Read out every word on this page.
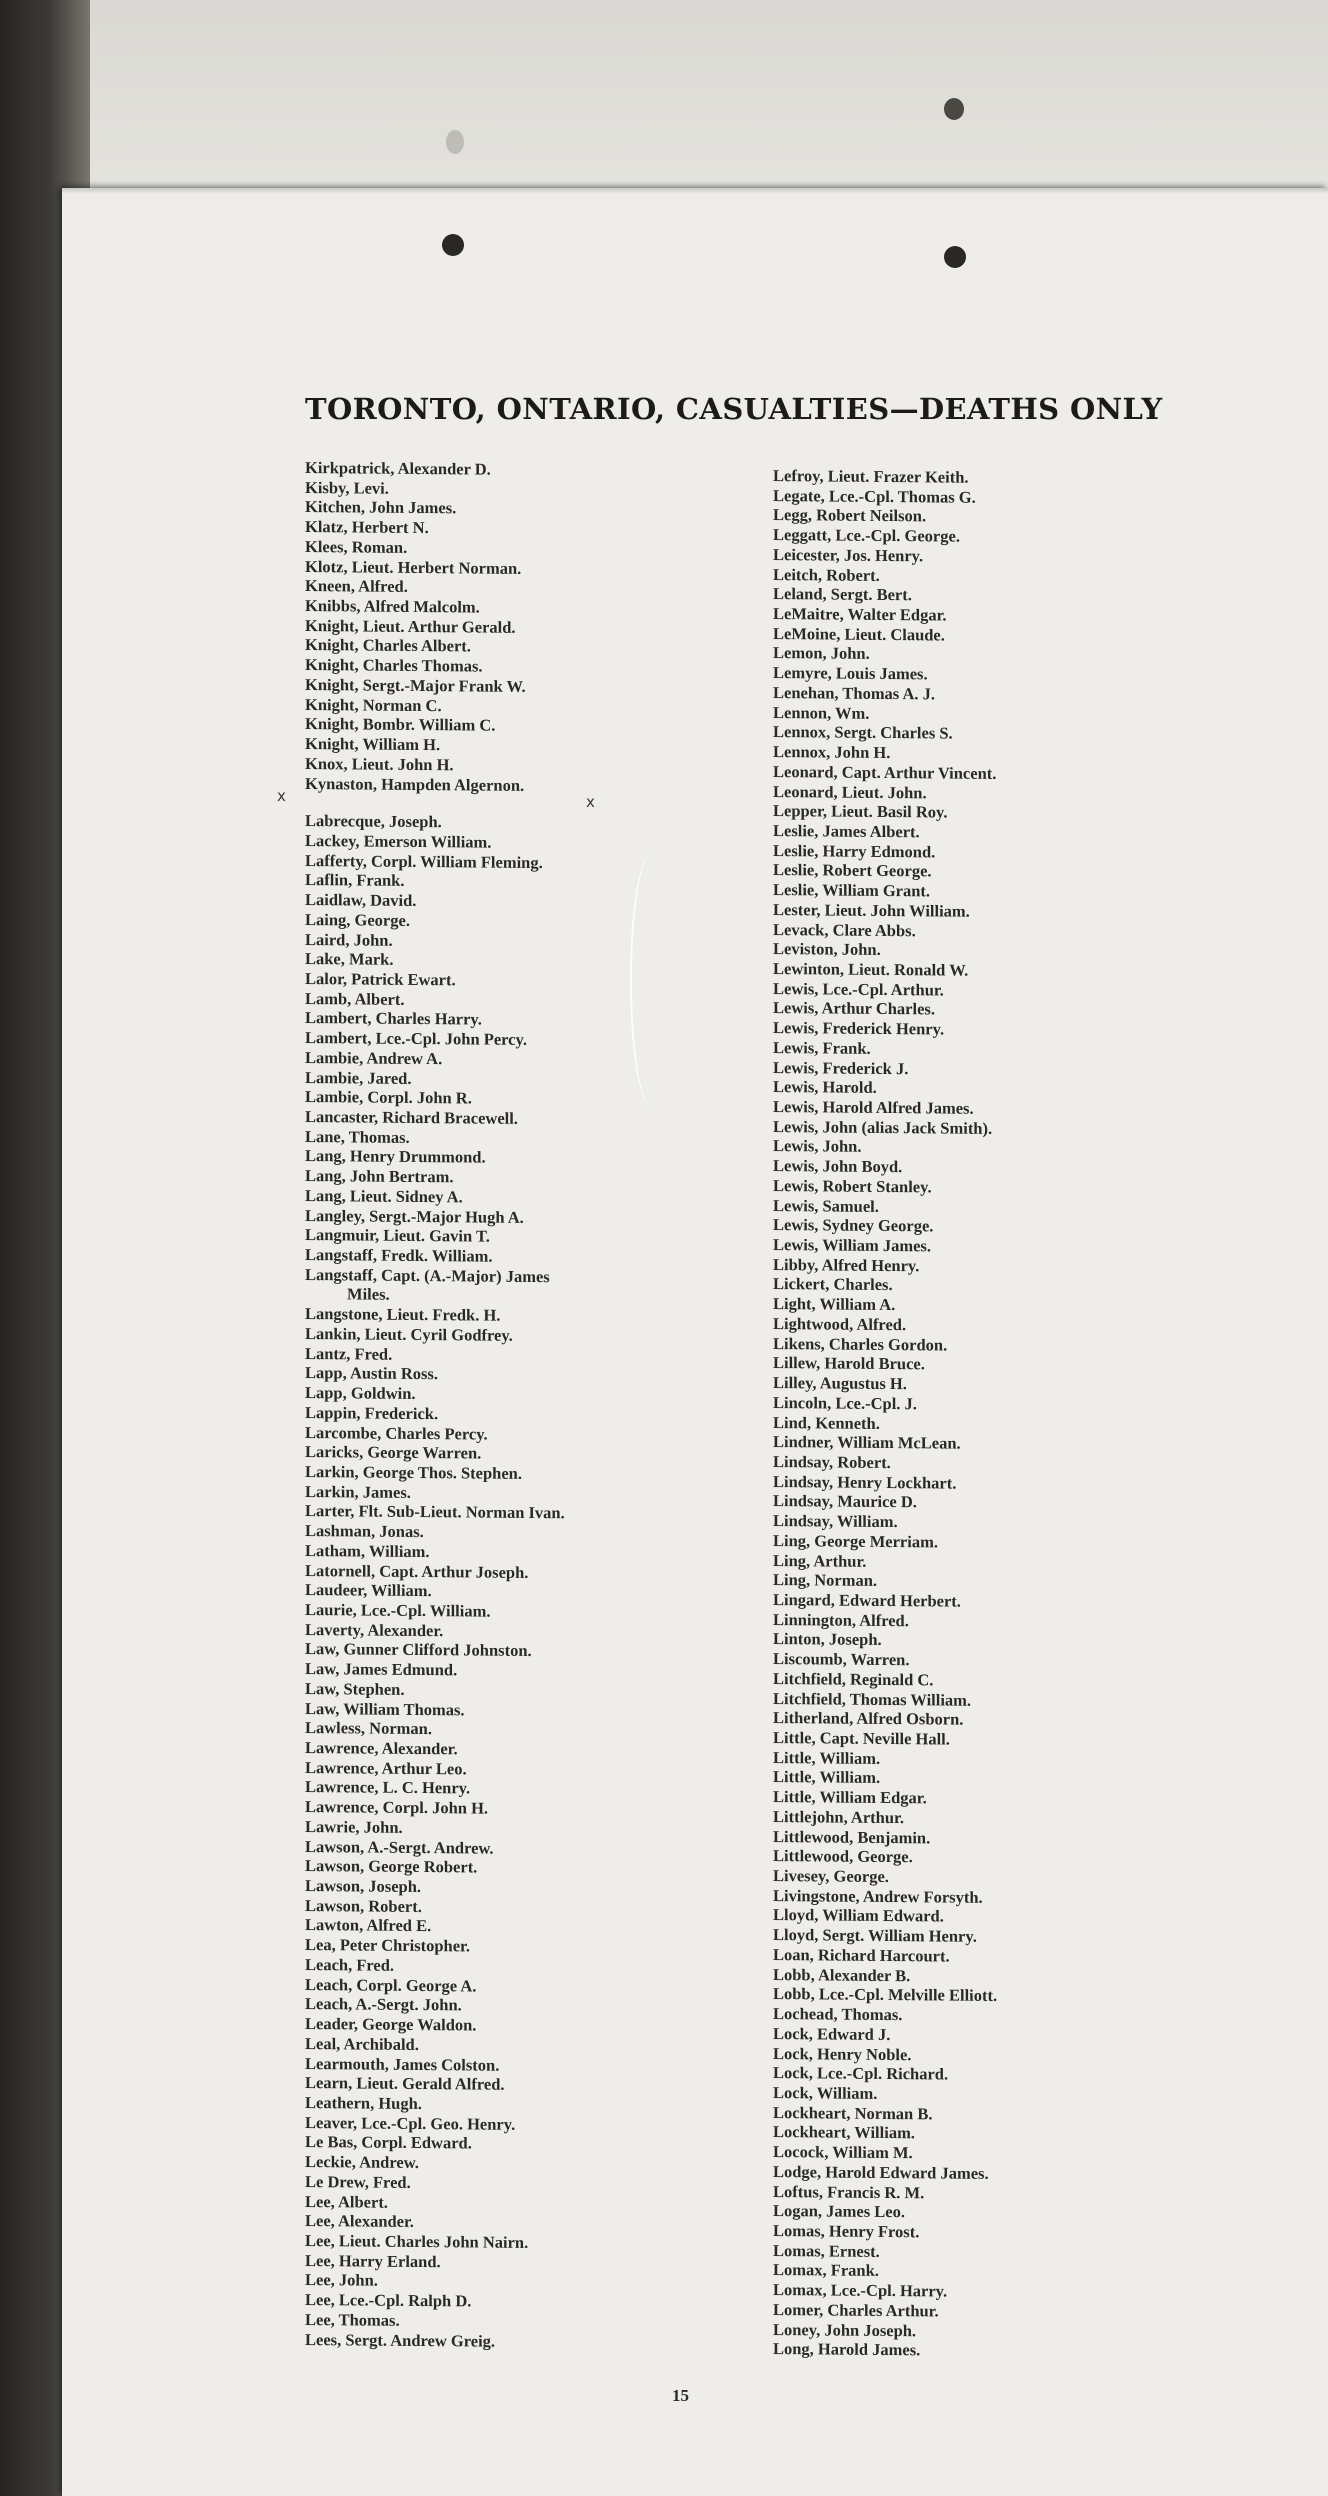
TORONTO, ONTARIO, CASUALTIES—DEATHS ONLY
Kirkpatrick, Alexander D.
Kisby, Levi.
Kitchen, John James.
Klatz, Herbert N.
Klees, Roman.
Klotz, Lieut. Herbert Norman.
Kneen, Alfred.
Knibbs, Alfred Malcolm.
Knight, Lieut. Arthur Gerald.
Knight, Charles Albert.
Knight, Charles Thomas.
Knight, Sergt.-Major Frank W.
Knight, Norman C.
Knight, Bombr. William C.
Knight, William H.
Knox, Lieut. John H.
Kynaston, Hampden Algernon.
Labrecque, Joseph.
Lackey, Emerson William.
Lafferty, Corpl. William Fleming.
Laflin, Frank.
Laidlaw, David.
Laing, George.
Laird, John.
Lake, Mark.
Lalor, Patrick Ewart.
Lamb, Albert.
Lambert, Charles Harry.
Lambert, Lce.-Cpl. John Percy.
Lambie, Andrew A.
Lambie, Jared.
Lambie, Corpl. John R.
Lancaster, Richard Bracewell.
Lane, Thomas.
Lang, Henry Drummond.
Lang, John Bertram.
Lang, Lieut. Sidney A.
Langley, Sergt.-Major Hugh A.
Langmuir, Lieut. Gavin T.
Langstaff, Fredk. William.
Langstaff, Capt. (A.-Major) James
Miles.
Langstone, Lieut. Fredk. H.
Lankin, Lieut. Cyril Godfrey.
Lantz, Fred.
Lapp, Austin Ross.
Lapp, Goldwin.
Lappin, Frederick.
Larcombe, Charles Percy.
Laricks, George Warren.
Larkin, George Thos. Stephen.
Larkin, James.
Larter, Flt. Sub-Lieut. Norman Ivan.
Lashman, Jonas.
Latham, William.
Latornell, Capt. Arthur Joseph.
Laudeer, William.
Laurie, Lce.-Cpl. William.
Laverty, Alexander.
Law, Gunner Clifford Johnston.
Law, James Edmund.
Law, Stephen.
Law, William Thomas.
Lawless, Norman.
Lawrence, Alexander.
Lawrence, Arthur Leo.
Lawrence, L. C. Henry.
Lawrence, Corpl. John H.
Lawrie, John.
Lawson, A.-Sergt. Andrew.
Lawson, George Robert.
Lawson, Joseph.
Lawson, Robert.
Lawton, Alfred E.
Lea, Peter Christopher.
Leach, Fred.
Leach, Corpl. George A.
Leach, A.-Sergt. John.
Leader, George Waldon.
Leal, Archibald.
Learmouth, James Colston.
Learn, Lieut. Gerald Alfred.
Leathern, Hugh.
Leaver, Lce.-Cpl. Geo. Henry.
Le Bas, Corpl. Edward.
Leckie, Andrew.
Le Drew, Fred.
Lee, Albert.
Lee, Alexander.
Lee, Lieut. Charles John Nairn.
Lee, Harry Erland.
Lee, John.
Lee, Lce.-Cpl. Ralph D.
Lee, Thomas.
Lees, Sergt. Andrew Greig.
Lefroy, Lieut. Frazer Keith.
Legate, Lce.-Cpl. Thomas G.
Legg, Robert Neilson.
Leggatt, Lce.-Cpl. George.
Leicester, Jos. Henry.
Leitch, Robert.
Leland, Sergt. Bert.
LeMaitre, Walter Edgar.
LeMoine, Lieut. Claude.
Lemon, John.
Lemyre, Louis James.
Lenehan, Thomas A. J.
Lennon, Wm.
Lennox, Sergt. Charles S.
Lennox, John H.
Leonard, Capt. Arthur Vincent.
Leonard, Lieut. John.
Lepper, Lieut. Basil Roy.
Leslie, James Albert.
Leslie, Harry Edmond.
Leslie, Robert George.
Leslie, William Grant.
Lester, Lieut. John William.
Levack, Clare Abbs.
Leviston, John.
Lewinton, Lieut. Ronald W.
Lewis, Lce.-Cpl. Arthur.
Lewis, Arthur Charles.
Lewis, Frederick Henry.
Lewis, Frank.
Lewis, Frederick J.
Lewis, Harold.
Lewis, Harold Alfred James.
Lewis, John (alias Jack Smith).
Lewis, John.
Lewis, John Boyd.
Lewis, Robert Stanley.
Lewis, Samuel.
Lewis, Sydney George.
Lewis, William James.
Libby, Alfred Henry.
Lickert, Charles.
Light, William A.
Lightwood, Alfred.
Likens, Charles Gordon.
Lillew, Harold Bruce.
Lilley, Augustus H.
Lincoln, Lce.-Cpl. J.
Lind, Kenneth.
Lindner, William McLean.
Lindsay, Robert.
Lindsay, Henry Lockhart.
Lindsay, Maurice D.
Lindsay, William.
Ling, George Merriam.
Ling, Arthur.
Ling, Norman.
Lingard, Edward Herbert.
Linnington, Alfred.
Linton, Joseph.
Liscoumb, Warren.
Litchfield, Reginald C.
Litchfield, Thomas William.
Litherland, Alfred Osborn.
Little, Capt. Neville Hall.
Little, William.
Little, William.
Little, William Edgar.
Littlejohn, Arthur.
Littlewood, Benjamin.
Littlewood, George.
Livesey, George.
Livingstone, Andrew Forsyth.
Lloyd, William Edward.
Lloyd, Sergt. William Henry.
Loan, Richard Harcourt.
Lobb, Alexander B.
Lobb, Lce.-Cpl. Melville Elliott.
Lochead, Thomas.
Lock, Edward J.
Lock, Henry Noble.
Lock, Lce.-Cpl. Richard.
Lock, William.
Lockheart, Norman B.
Lockheart, William.
Locock, William M.
Lodge, Harold Edward James.
Loftus, Francis R. M.
Logan, James Leo.
Lomas, Henry Frost.
Lomas, Ernest.
Lomax, Frank.
Lomax, Lce.-Cpl. Harry.
Lomer, Charles Arthur.
Loney, John Joseph.
Long, Harold James.
x	x
15
